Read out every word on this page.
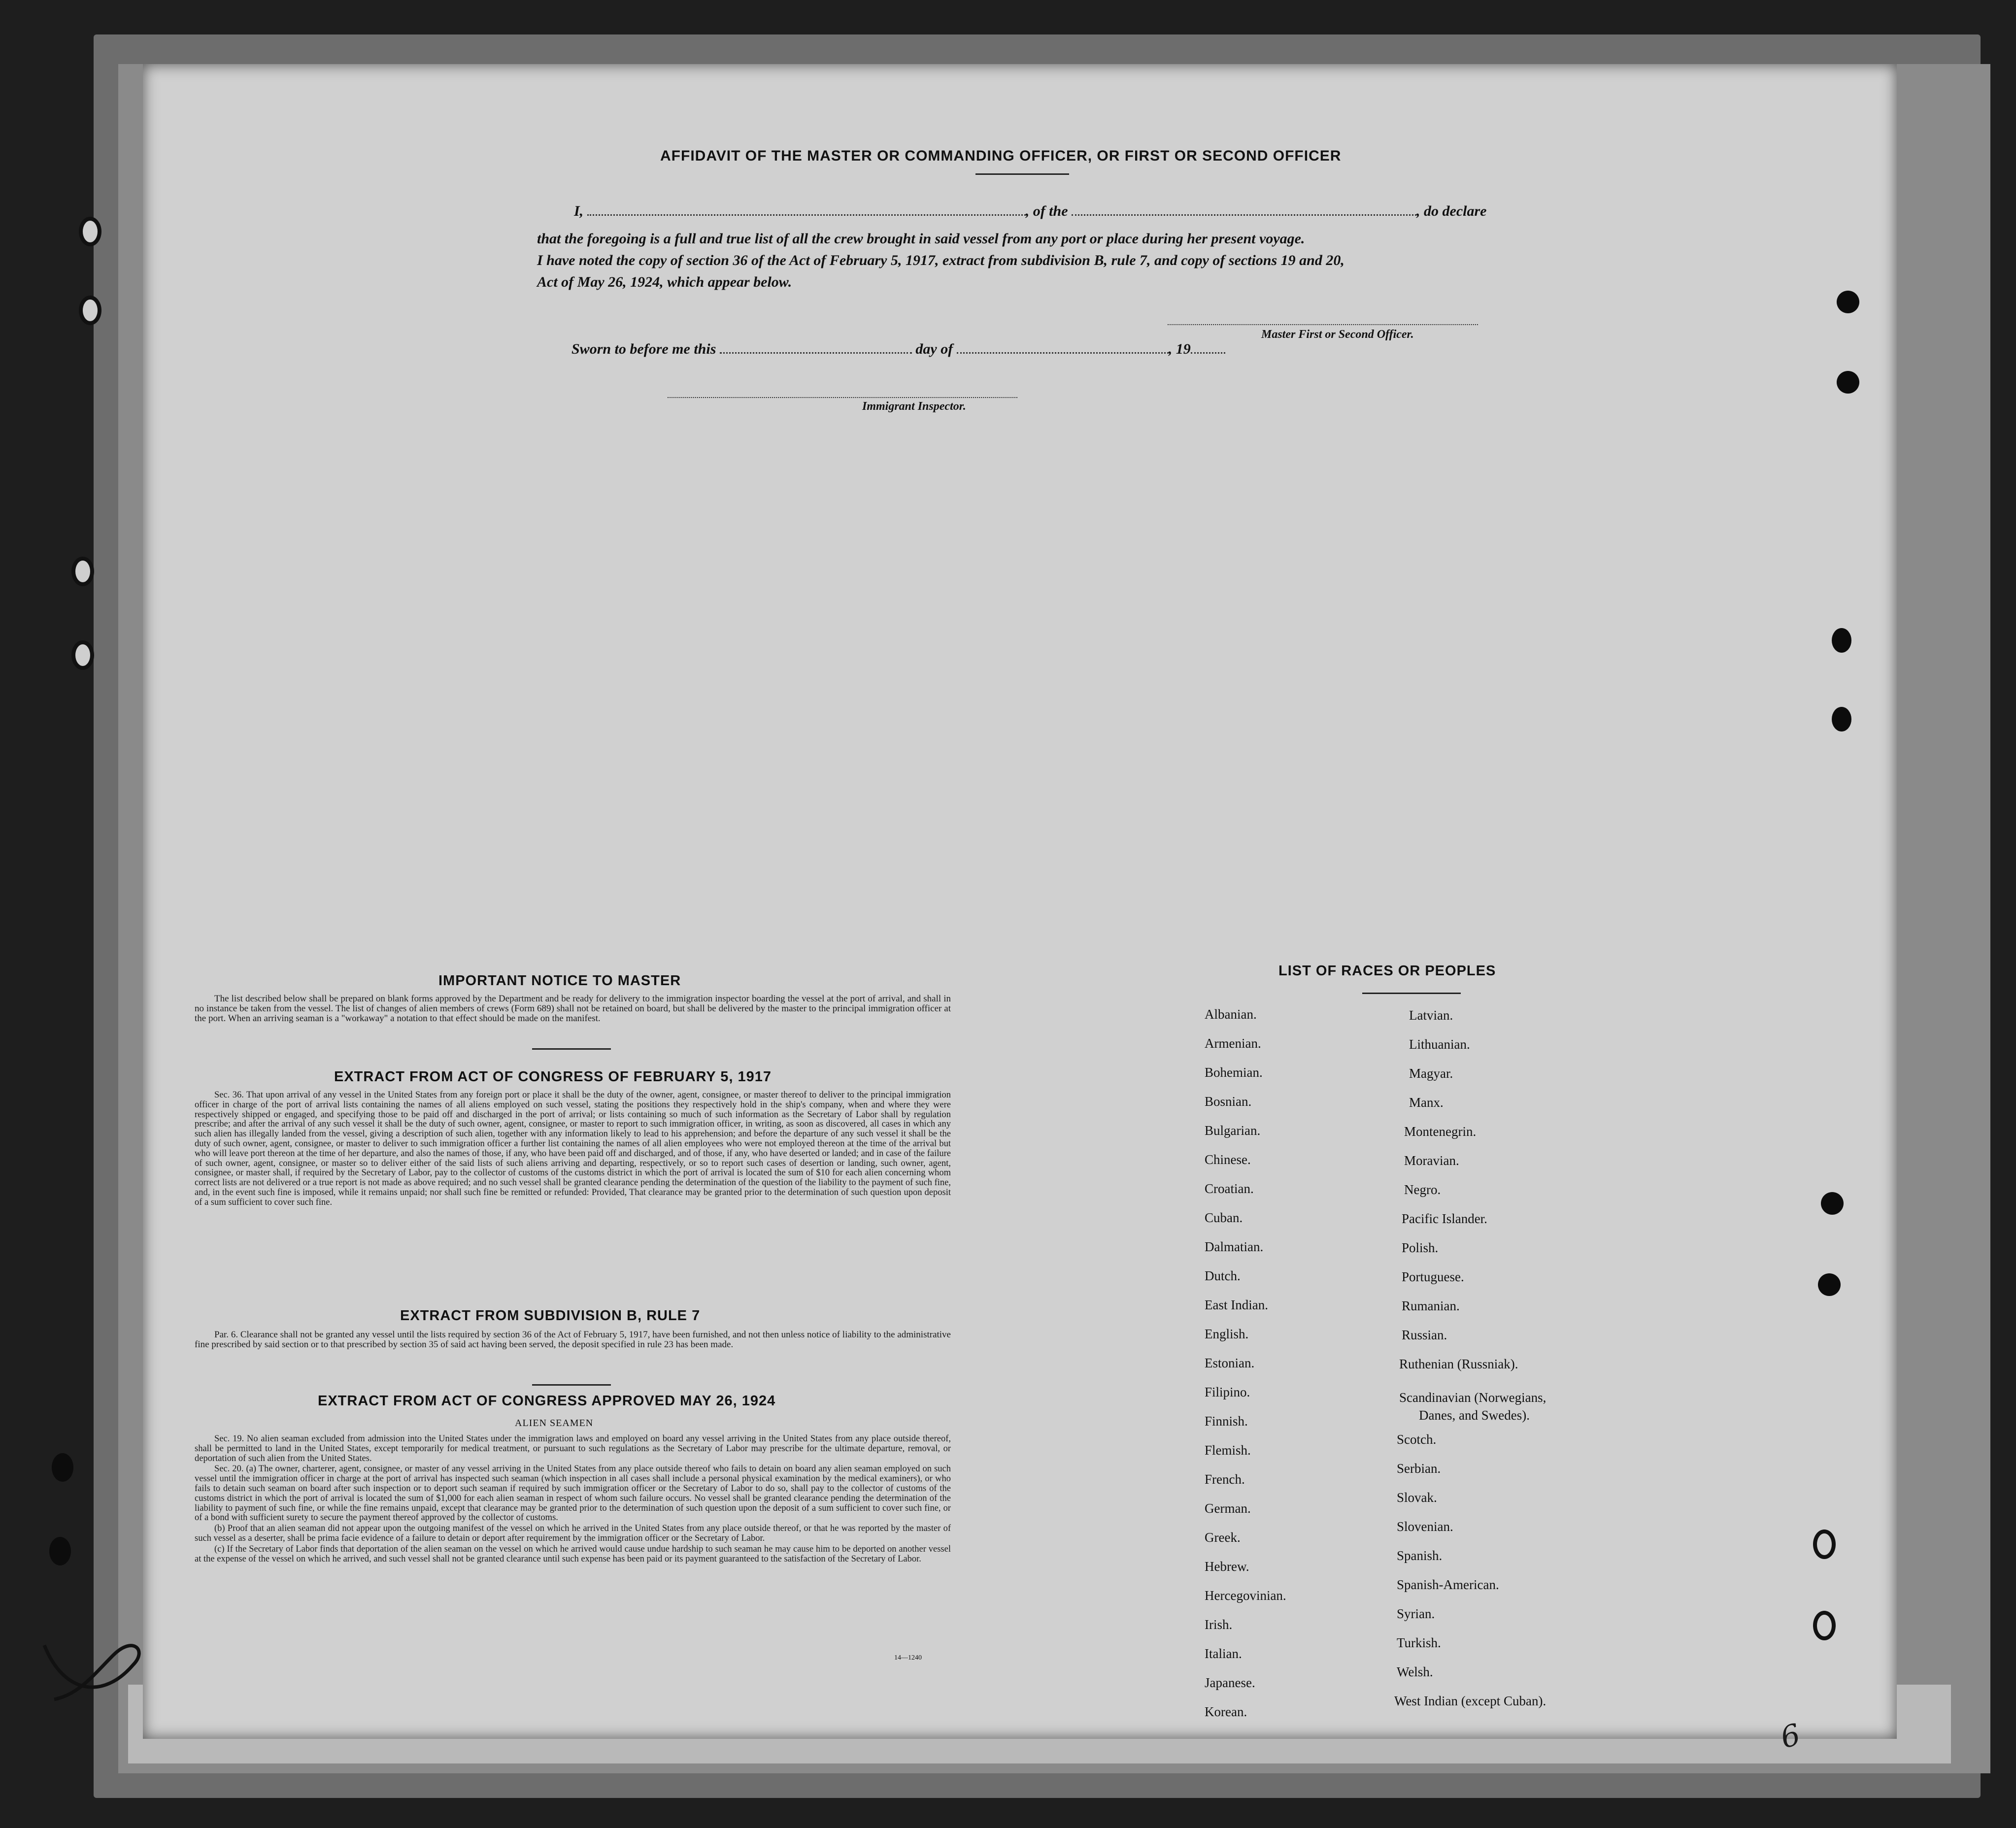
AFFIDAVIT OF THE MASTER OR COMMANDING OFFICER, OR FIRST OR SECOND OFFICER
I,	, of the	, do declare
that the foregoing is a full and true list of all the crew brought in said vessel from any port or place during her present voyage.
I have noted the copy of section 36 of the Act of February 5, 1917, extract from subdivision B, rule 7, and copy of sections 19 and 20,
Act of May 26, 1924, which appear below.
Master First or Second Officer.
Sworn to before me this	day of	, 19
Immigrant Inspector.
IMPORTANT NOTICE TO MASTER

The list described below shall be prepared on blank forms approved by the Department and be ready for delivery to the immigration inspector boarding the vessel at the port of arrival, and shall in no instance be taken from the vessel. The list of changes of alien members of crews (Form 689) shall not be retained on board, but shall be delivered by the master to the principal immigration officer at the port. When an arriving seaman is a "workaway" a notation to that effect should be made on the manifest.

EXTRACT FROM ACT OF CONGRESS OF FEBRUARY 5, 1917

Sec. 36. That upon arrival of any vessel in the United States from any foreign port or place it shall be the duty of the owner, agent, consignee, or master thereof to deliver to the principal immigration officer in charge of the port of arrival lists containing the names of all aliens employed on such vessel, stating the positions they respectively hold in the ship's company, when and where they were respectively shipped or engaged, and specifying those to be paid off and discharged in the port of arrival; or lists containing so much of such information as the Secretary of Labor shall by regulation prescribe; and after the arrival of any such vessel it shall be the duty of such owner, agent, consignee, or master to report to such immigration officer, in writing, as soon as discovered, all cases in which any such alien has illegally landed from the vessel, giving a description of such alien, together with any information likely to lead to his apprehension; and before the departure of any such vessel it shall be the duty of such owner, agent, consignee, or master to deliver to such immigration officer a further list containing the names of all alien employees who were not employed thereon at the time of the arrival but who will leave port thereon at the time of her departure, and also the names of those, if any, who have been paid off and discharged, and of those, if any, who have deserted or landed; and in case of the failure of such owner, agent, consignee, or master so to deliver either of the said lists of such aliens arriving and departing, respectively, or so to report such cases of desertion or landing, such owner, agent, consignee, or master shall, if required by the Secretary of Labor, pay to the collector of customs of the customs district in which the port of arrival is located the sum of $10 for each alien concerning whom correct lists are not delivered or a true report is not made as above required; and no such vessel shall be granted clearance pending the determination of the question of the liability to the payment of such fine, and, in the event such fine is imposed, while it remains unpaid; nor shall such fine be remitted or refunded: Provided, That clearance may be granted prior to the determination of such question upon deposit of a sum sufficient to cover such fine.

EXTRACT FROM SUBDIVISION B, RULE 7

Par. 6. Clearance shall not be granted any vessel until the lists required by section 36 of the Act of February 5, 1917, have been furnished, and not then unless notice of liability to the administrative fine prescribed by said section or to that prescribed by section 35 of said act having been served, the deposit specified in rule 23 has been made.

EXTRACT FROM ACT OF CONGRESS APPROVED MAY 26, 1924
ALIEN SEAMEN

Sec. 19. No alien seaman excluded from admission into the United States under the immigration laws and employed on board any vessel arriving in the United States from any place outside thereof, shall be permitted to land in the United States, except temporarily for medical treatment, or pursuant to such regulations as the Secretary of Labor may prescribe for the ultimate departure, removal, or deportation of such alien from the United States.

Sec. 20. (a) The owner, charterer, agent, consignee, or master of any vessel arriving in the United States from any place outside thereof who fails to detain on board any alien seaman employed on such vessel until the immigration officer in charge at the port of arrival has inspected such seaman (which inspection in all cases shall include a personal physical examination by the medical examiners), or who fails to detain such seaman on board after such inspection or to deport such seaman if required by such immigration officer or the Secretary of Labor to do so, shall pay to the collector of customs of the customs district in which the port of arrival is located the sum of $1,000 for each alien seaman in respect of whom such failure occurs. No vessel shall be granted clearance pending the determination of the liability to payment of such fine, or while the fine remains unpaid, except that clearance may be granted prior to the determination of such question upon the deposit of a sum sufficient to cover such fine, or of a bond with sufficient surety to secure the payment thereof approved by the collector of customs.

(b) Proof that an alien seaman did not appear upon the outgoing manifest of the vessel on which he arrived in the United States from any place outside thereof, or that he was reported by the master of such vessel as a deserter, shall be prima facie evidence of a failure to detain or deport after requirement by the immigration officer or the Secretary of Labor.

(c) If the Secretary of Labor finds that deportation of the alien seaman on the vessel on which he arrived would cause undue hardship to such seaman he may cause him to be deported on another vessel at the expense of the vessel on which he arrived, and such vessel shall not be granted clearance until such expense has been paid or its payment guaranteed to the satisfaction of the Secretary of Labor.

14—1240
LIST OF RACES OR PEOPLES
Albanian.
Armenian.
Bohemian.
Bosnian.
Bulgarian.
Chinese.
Croatian.
Cuban.
Dalmatian.
Dutch.
East Indian.
English.
Estonian.
Filipino.
Finnish.
Flemish.
French.
German.
Greek.
Hebrew.
Hercegovinian.
Irish.
Italian.
Japanese.
Korean.
Latvian.
Lithuanian.
Magyar.
Manx.
Montenegrin.
Moravian.
Negro.
Pacific Islander.
Polish.
Portuguese.
Rumanian.
Russian.
Ruthenian (Russniak).
Scandinavian (Norwegians,
Danes, and Swedes).
Scotch.
Serbian.
Slovak.
Slovenian.
Spanish.
Spanish-American.
Syrian.
Turkish.
Welsh.
West Indian (except Cuban).
6
